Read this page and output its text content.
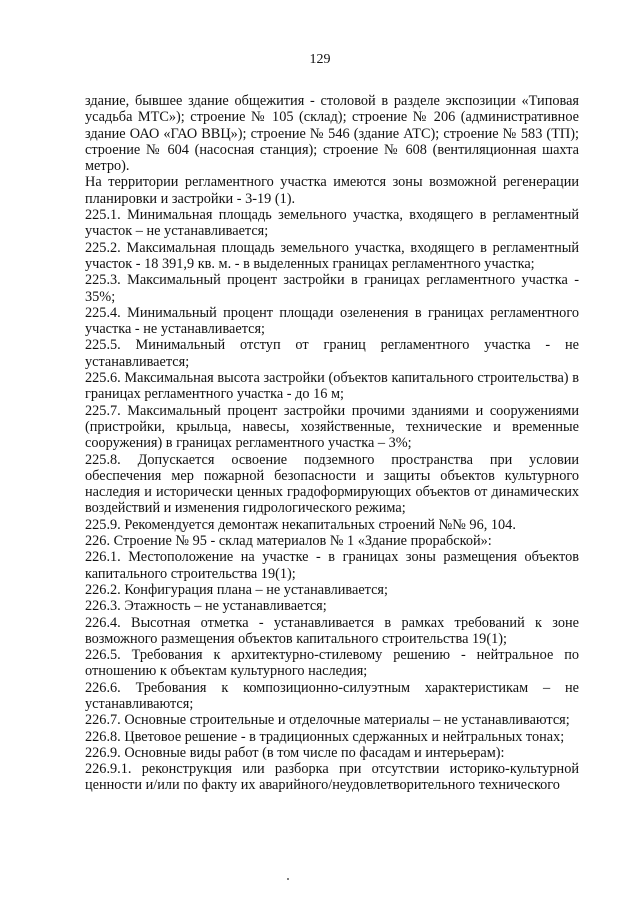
129

здание, бывшее здание общежития - столовой в разделе экспозиции «Типовая усадьба МТС»); строение № 105 (склад); строение № 206 (административное здание ОАО «ГАО ВВЦ»); строение № 546 (здание АТС); строение № 583 (ТП); строение № 604 (насосная станция); строение № 608 (вентиляционная шахта метро).

На территории регламентного участка имеются зоны возможной регенерации планировки и застройки - 3-19 (1).

225.1. Минимальная площадь земельного участка, входящего в регламентный участок – не устанавливается;

225.2. Максимальная площадь земельного участка, входящего в регламентный участок - 18 391,9 кв. м. - в выделенных границах регламентного участка;

225.3. Максимальный процент застройки в границах регламентного участка - 35%;

225.4. Минимальный процент площади озеленения в границах регламентного участка - не устанавливается;

225.5. Минимальный отступ от границ регламентного участка - не устанавливается;

225.6. Максимальная высота застройки (объектов капитального строительства) в границах регламентного участка - до 16 м;

225.7. Максимальный процент застройки прочими зданиями и сооружениями (пристройки, крыльца, навесы, хозяйственные, технические и временные сооружения) в границах регламентного участка – 3%;

225.8. Допускается освоение подземного пространства при условии обеспечения мер пожарной безопасности и защиты объектов культурного наследия и исторически ценных градоформирующих объектов от динамических воздействий и изменения гидрологического режима;

225.9. Рекомендуется демонтаж некапитальных строений №№ 96, 104.

226. Строение № 95 - склад материалов № 1 «Здание прорабской»:

226.1. Местоположение на участке - в границах зоны размещения объектов капитального строительства 19(1);

226.2. Конфигурация плана – не устанавливается;

226.3. Этажность – не устанавливается;

226.4. Высотная отметка - устанавливается в рамках требований к зоне возможного размещения объектов капитального строительства 19(1);

226.5. Требования к архитектурно-стилевому решению - нейтральное по отношению к объектам культурного наследия;

226.6. Требования к композиционно-силуэтным характеристикам – не устанавливаются;

226.7. Основные строительные и отделочные материалы – не устанавливаются;

226.8. Цветовое решение - в традиционных сдержанных и нейтральных тонах;

226.9. Основные виды работ (в том числе по фасадам и интерьерам):

226.9.1. реконструкция или разборка при отсутствии историко-культурной ценности и/или по факту их аварийного/неудовлетворительного технического
